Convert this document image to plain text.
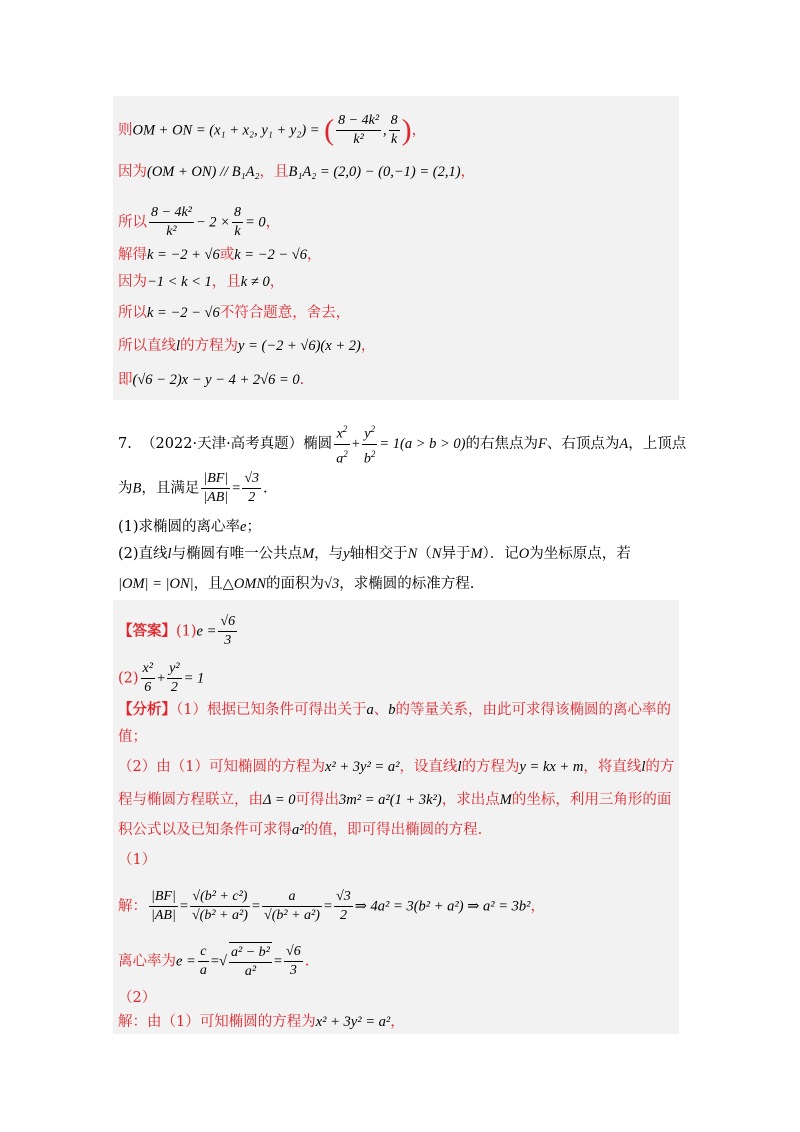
则OM + ON = (x₁ + x₂, y₁ + y₂) = ( $\frac{\text{8 − 4k²}}{\text{k²}}$ , $\frac{8}{k}$ )，
因为(OM + ON) // B₁A₂，且B₁A₂ = (2,0) − (0,−1) = (2,1)，
所以 $\frac{\text{8 − 4k²}}{\text{k²}} - 2 \times \frac{8}{k} = 0$，
解得k = −2 + √6或k = −2 − √6，
因为−1 < k < 1，且k ≠ 0，
所以k = −2 − √6不符合题意，舍去，
所以直线l的方程为y = (−2 + √6)(x + 2)，
即(√6 − 2)x − y − 4 + 2√6 = 0.
7. （2022·天津·高考真题）椭圆 $\frac{x^2}{a^2} + \frac{y^2}{b^2} = 1(a > b > 0)$的右焦点为F、右顶点为A，上顶点
为B，且满足 $\frac{|BF|}{|AB|} = \frac{√3}{2}$ .
(1)求椭圆的离心率e；
(2)直线l与椭圆有唯一公共点M，与y轴相交于N（N异于M）．记O为坐标原点，若
|OM| = |ON|，且△OMN的面积为√3，求椭圆的标准方程.
【答案】$(1)e = \frac{√6}{3}$
$(2) \frac{\text{x²}}{6} + \frac{\text{y²}}{2} = 1$
【分析】（1）根据已知条件可得出关于a、b的等量关系，由此可求得该椭圆的离心率的
值；
（2）由（1）可知椭圆的方程为x² + 3y² = a²，设直线l的方程为y = kx + m，将直线l的方
程与椭圆方程联立，由Δ = 0可得出3m² = a²(1 + 3k²)，求出点M的坐标，利用三角形的面
积公式以及已知条件可求得a²的值，即可得出椭圆的方程.
（1）
解： $\frac{|BF|}{|AB|} = \frac{\text{√(b² + c²)}}{\text{√(b² + a²)}} = \frac{a}{\text{√(b² + a²)}} = \frac{√3}{2}$ ⇒ 4a² = 3(b² + a²) ⇒ a² = 3b²，
离心率为$e = \frac{c}{a}$ =√ $\frac{\text{a² − b²}}{\text{a²}} = \frac{√6}{3}$ .
（2）
解：由（1）可知椭圆的方程为x² + 3y² = a²，
